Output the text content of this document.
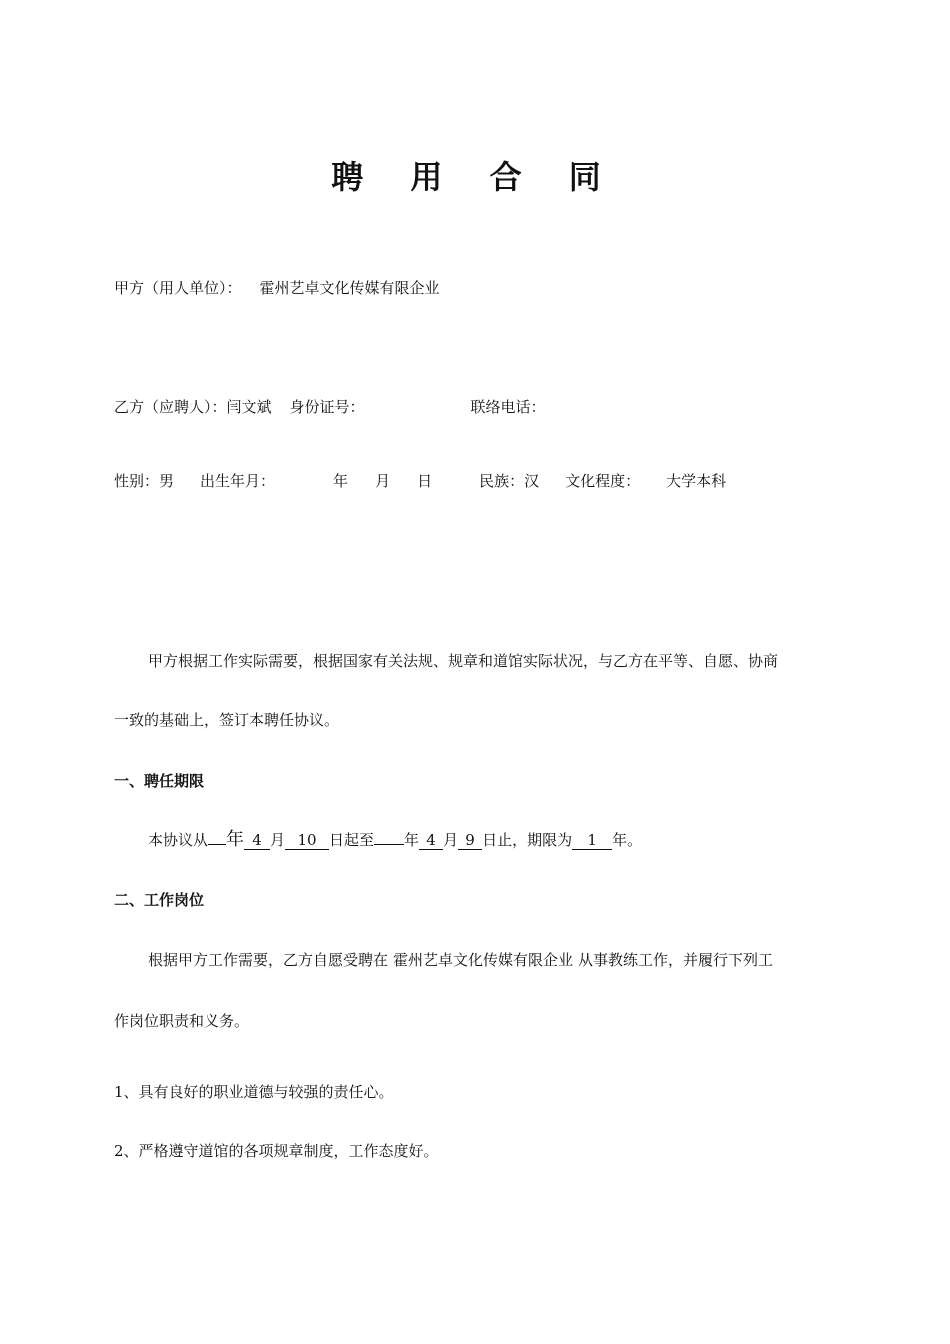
聘 用 合 同
甲方（用人单位）： 霍州艺卓文化传媒有限企业
乙方（应聘人）：闫文斌 身份证号：	联络电话：
性别：男 出生年月：	年 月 日	民族：汉 文化程度： 大学本科
甲方根据工作实际需要，根据国家有关法规、规章和道馆实际状况，与乙方在平等、自愿、协商
一致的基础上，签订本聘任协议。
一、聘任期限
本协议从 年 4 月 10 日起至 年 4 月 9 日止，期限为 1 年。
二、工作岗位
根据甲方工作需要，乙方自愿受聘在 霍州艺卓文化传媒有限企业 从事教练工作，并履行下列工
作岗位职责和义务。
1、具有良好的职业道德与较强的责任心。
2、严格遵守道馆的各项规章制度，工作态度好。
